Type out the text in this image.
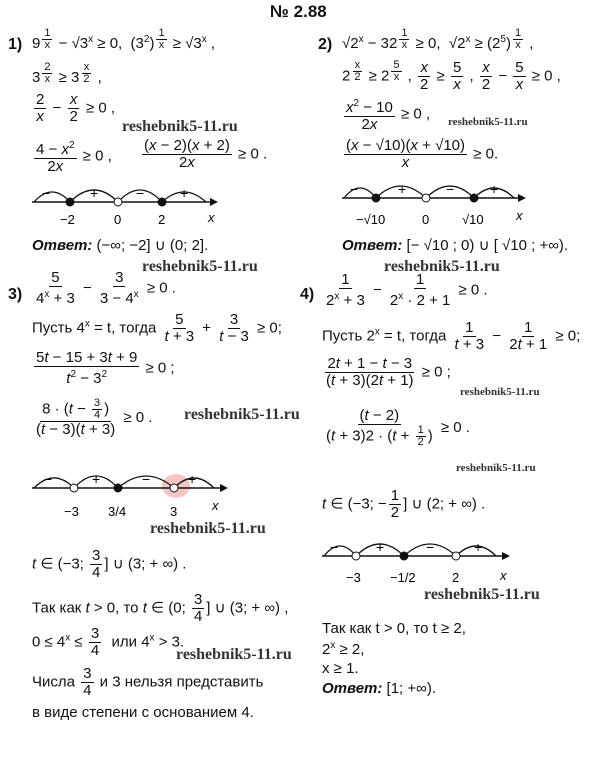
№ 2.88
1) 9 $^{\frac{1}{x}} - √3^x \ge 0$,  $(3^2) ^{\frac{1}{x}} \ge √3^x$ ,
3 $^{\frac{2}{x}}$ ≥ 3 $^{\frac{x}{2}}$ ,
$\frac{2}{x} - \frac{x}{2} \ge 0$ ,
$\frac{4 - x^2}{2x} \ge 0$ , $\frac{(x - 2)(x + 2)}{2x} \ge 0$ .
−	+	−	+
x
−2	0	2
Ответ: (−∞; −2] ∪ (0; 2].
2) $√2^x - 32$ $^{\frac{1}{x}}$ ≥ 0,  $√2^x \ge (2^5)$ $^{\frac{1}{x}}$ ,
2 $^{\frac{x}{2}}$ ≥ 2 $^{\frac{5}{x}}$ , $\frac{x}{2} \ge \frac{5}{x}$ , $\frac{x}{2} - \frac{5}{x} \ge 0$ ,
$\frac{x^2 - 10}{2x} \ge 0$ , reshebnik5-11.ru
$\frac{(x - √10)(x + √10)}{x} \ge 0$.
−	+	−	+
x
−√10	0	√10
Ответ: [− √10 ; 0) ∪ [ √10 ; +∞).
reshebnik5-11.ru
reshebnik5-11.ru	reshebnik5-11.ru
$3) \frac{5}{4^x + 3} - \frac{3}{3 - 4^x} \ge 0$ .
Пусть $4^x = t$, тогда $\frac{5}{t + 3} + \frac{3}{t - 3} \ge 0$;
$\frac{5t - 15 + 3t + 9}{t^2 - 3^2} \ge 0$ ;
$\frac{8 \cdot (t - \frac{3}{4} )}{(t - 3)(t + 3)} \ge 0$ . reshebnik5-11.ru
−	+	−	+
x
−3 3/4	3
reshebnik5-11.ru
t ∈ (−3; $\frac{3}{4}$ ] ∪ (3; + ∞) .
Так как t > 0, то t ∈ (0; $\frac{3}{4}$ ] ∪ (3; + ∞) ,
$0 \le 4^x \le \frac{3}{4}$ или $4^x > 3$.
reshebnik5-11.ru
Числа $\frac{3}{4}$ и 3 нельзя представить
в виде степени с основанием 4.
$4) \frac{1}{2^x + 3} - \frac{1}{2^x \cdot 2 + 1} \ge 0$ .
Пусть $2^x = t$, тогда $\frac{1}{t + 3} - \frac{1}{2t + 1} \ge 0$;
$\frac{2t + 1 - t - 3}{(t + 3)(2t + 1)} \ge 0$ ;
reshebnik5-11.ru
$\frac{(t - 2)}{(t + 3)2 \cdot (t + \frac{1}{2} )} \ge 0$ .
reshebnik5-11.ru
t ∈ (−3; − $\frac{1}{2}$ ] ∪ (2; + ∞) .
−	+	−	+
x
−3 −1/2	2
reshebnik5-11.ru
Так как t > 0, то t ≥ 2,
$2^x \ge 2$,
x ≥ 1.
Ответ: [1; +∞).
